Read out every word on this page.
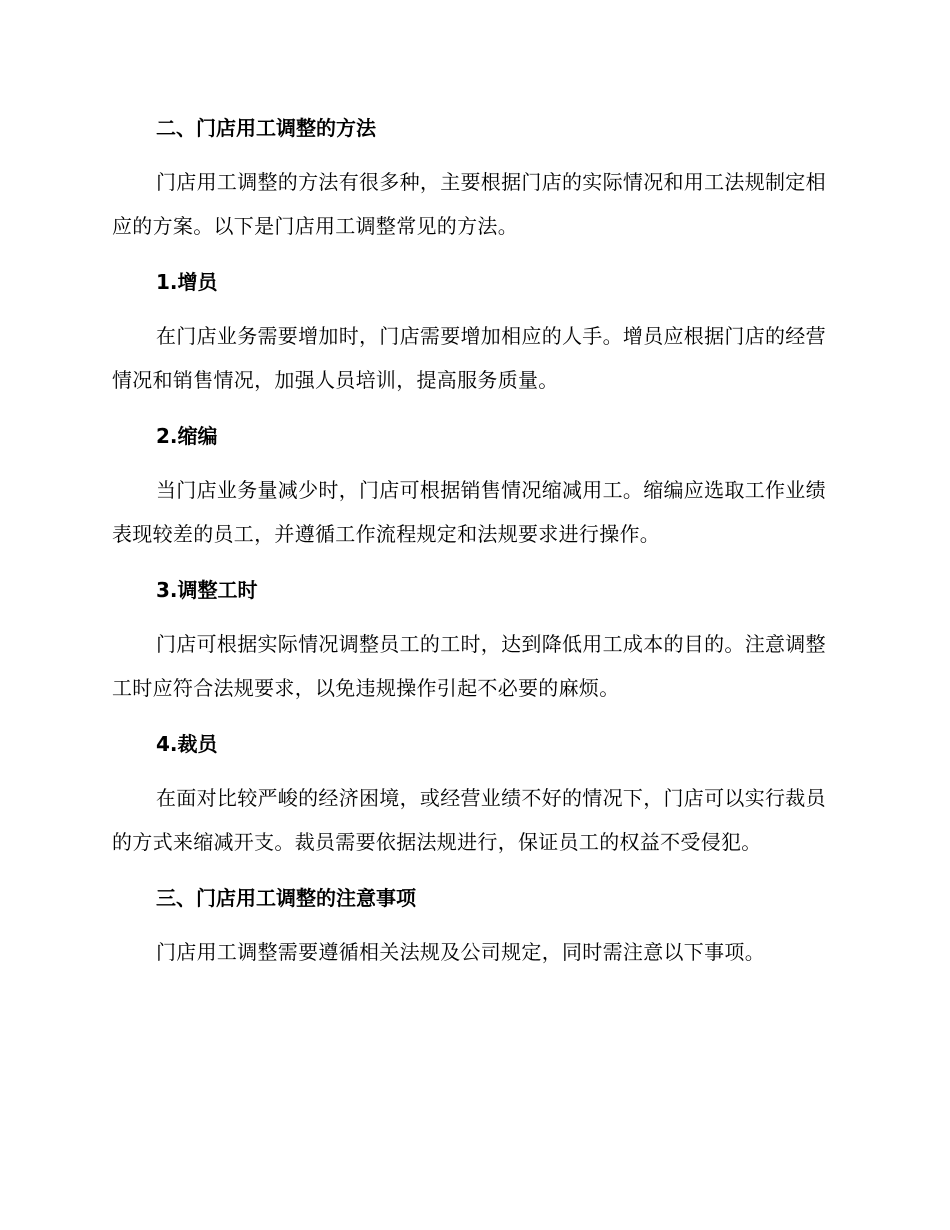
二、门店用工调整的方法

门店用工调整的方法有很多种，主要根据门店的实际情况和用工法规制定相应的方案。以下是门店用工调整常见的方法。

1.增员

在门店业务需要增加时，门店需要增加相应的人手。增员应根据门店的经营情况和销售情况，加强人员培训，提高服务质量。

2.缩编

当门店业务量减少时，门店可根据销售情况缩减用工。缩编应选取工作业绩表现较差的员工，并遵循工作流程规定和法规要求进行操作。

3.调整工时

门店可根据实际情况调整员工的工时，达到降低用工成本的目的。注意调整工时应符合法规要求，以免违规操作引起不必要的麻烦。

4.裁员

在面对比较严峻的经济困境，或经营业绩不好的情况下，门店可以实行裁员的方式来缩减开支。裁员需要依据法规进行，保证员工的权益不受侵犯。

三、门店用工调整的注意事项

门店用工调整需要遵循相关法规及公司规定，同时需注意以下事项。
